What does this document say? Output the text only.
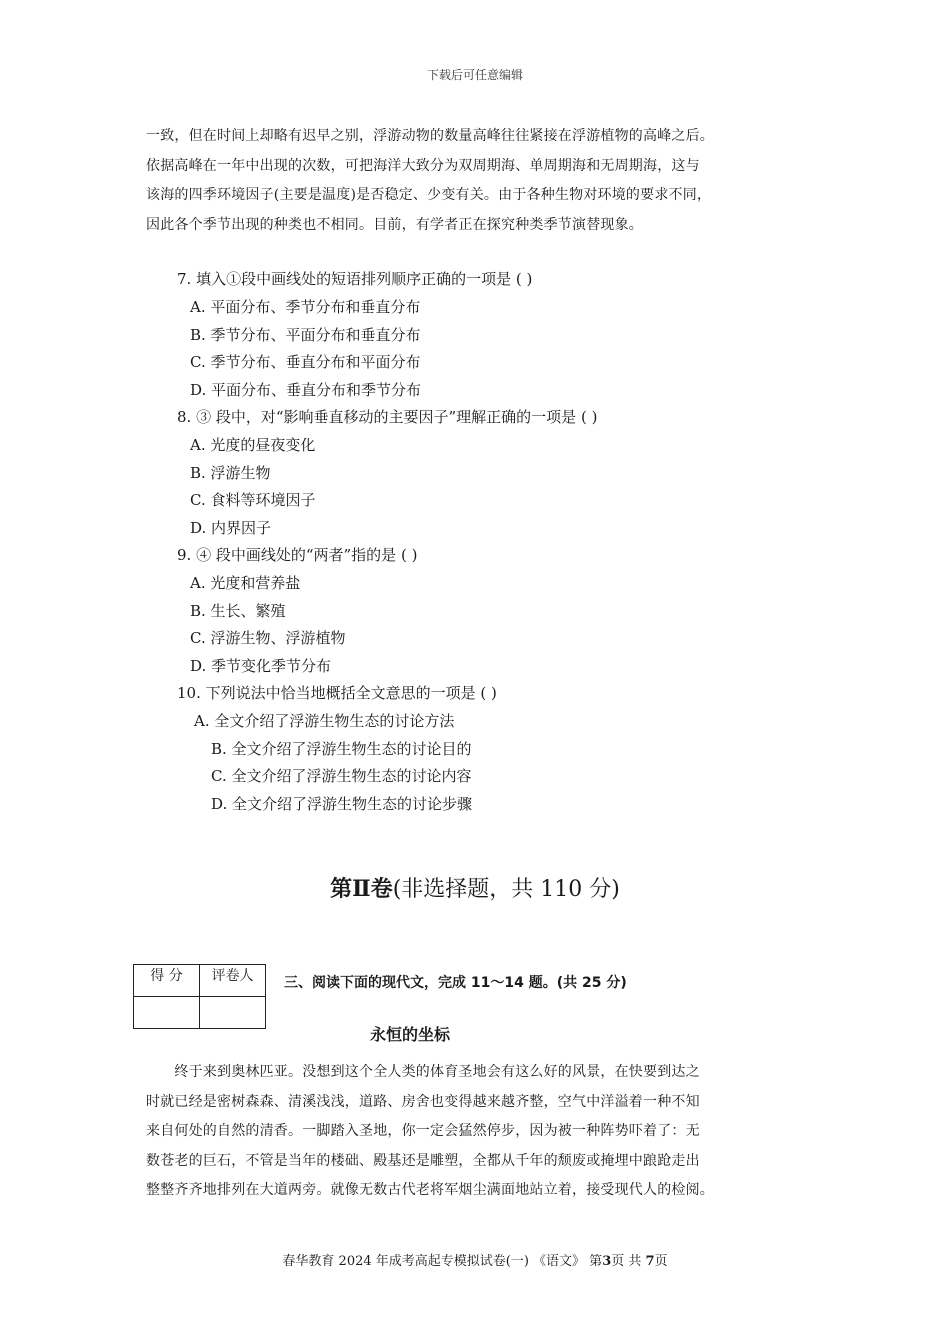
下载后可任意编辑

一致，但在时间上却略有迟早之别，浮游动物的数量高峰往往紧接在浮游植物的高峰之后。

依据高峰在一年中出现的次数，可把海洋大致分为双周期海、单周期海和无周期海，这与

该海的四季环境因子(主要是温度)是否稳定、少变有关。由于各种生物对环境的要求不同，

因此各个季节出现的种类也不相同。目前，有学者正在探究种类季节演替现象。

7. 填入①段中画线处的短语排列顺序正确的一项是 ( )
A. 平面分布、季节分布和垂直分布
B. 季节分布、平面分布和垂直分布
C. 季节分布、垂直分布和平面分布
D. 平面分布、垂直分布和季节分布
8. ③ 段中，对“影响垂直移动的主要因子”理解正确的一项是 ( )
A. 光度的昼夜变化
B. 浮游生物
C. 食料等环境因子
D. 内界因子
9. ④ 段中画线处的“两者”指的是 ( )
A. 光度和营养盐
B. 生长、繁殖
C. 浮游生物、浮游植物
D. 季节变化季节分布
10. 下列说法中恰当地概括全文意思的一项是 ( )
A. 全文介绍了浮游生物生态的讨论方法
B. 全文介绍了浮游生物生态的讨论目的
C. 全文介绍了浮游生物生态的讨论内容
D. 全文介绍了浮游生物生态的讨论步骤
第Ⅱ卷(非选择题，共 110 分)
得 分	评卷人
	三、阅读下面的现代文，完成 11～14 题。(共 25 分)
永恒的坐标

　　终于来到奥林匹亚。没想到这个全人类的体育圣地会有这么好的风景，在快要到达之

时就已经是密树森森、清溪浅浅，道路、房舍也变得越来越齐整，空气中洋溢着一种不知

来自何处的自然的清香。一脚踏入圣地，你一定会猛然停步，因为被一种阵势吓着了：无

数苍老的巨石，不管是当年的楼础、殿基还是雕塑，全都从千年的颓废或掩埋中踉跄走出

整整齐齐地排列在大道两旁。就像无数古代老将军烟尘满面地站立着，接受现代人的检阅。

春华教育 2024 年成考高起专模拟试卷(一) 《语文》 第3页 共 7页
